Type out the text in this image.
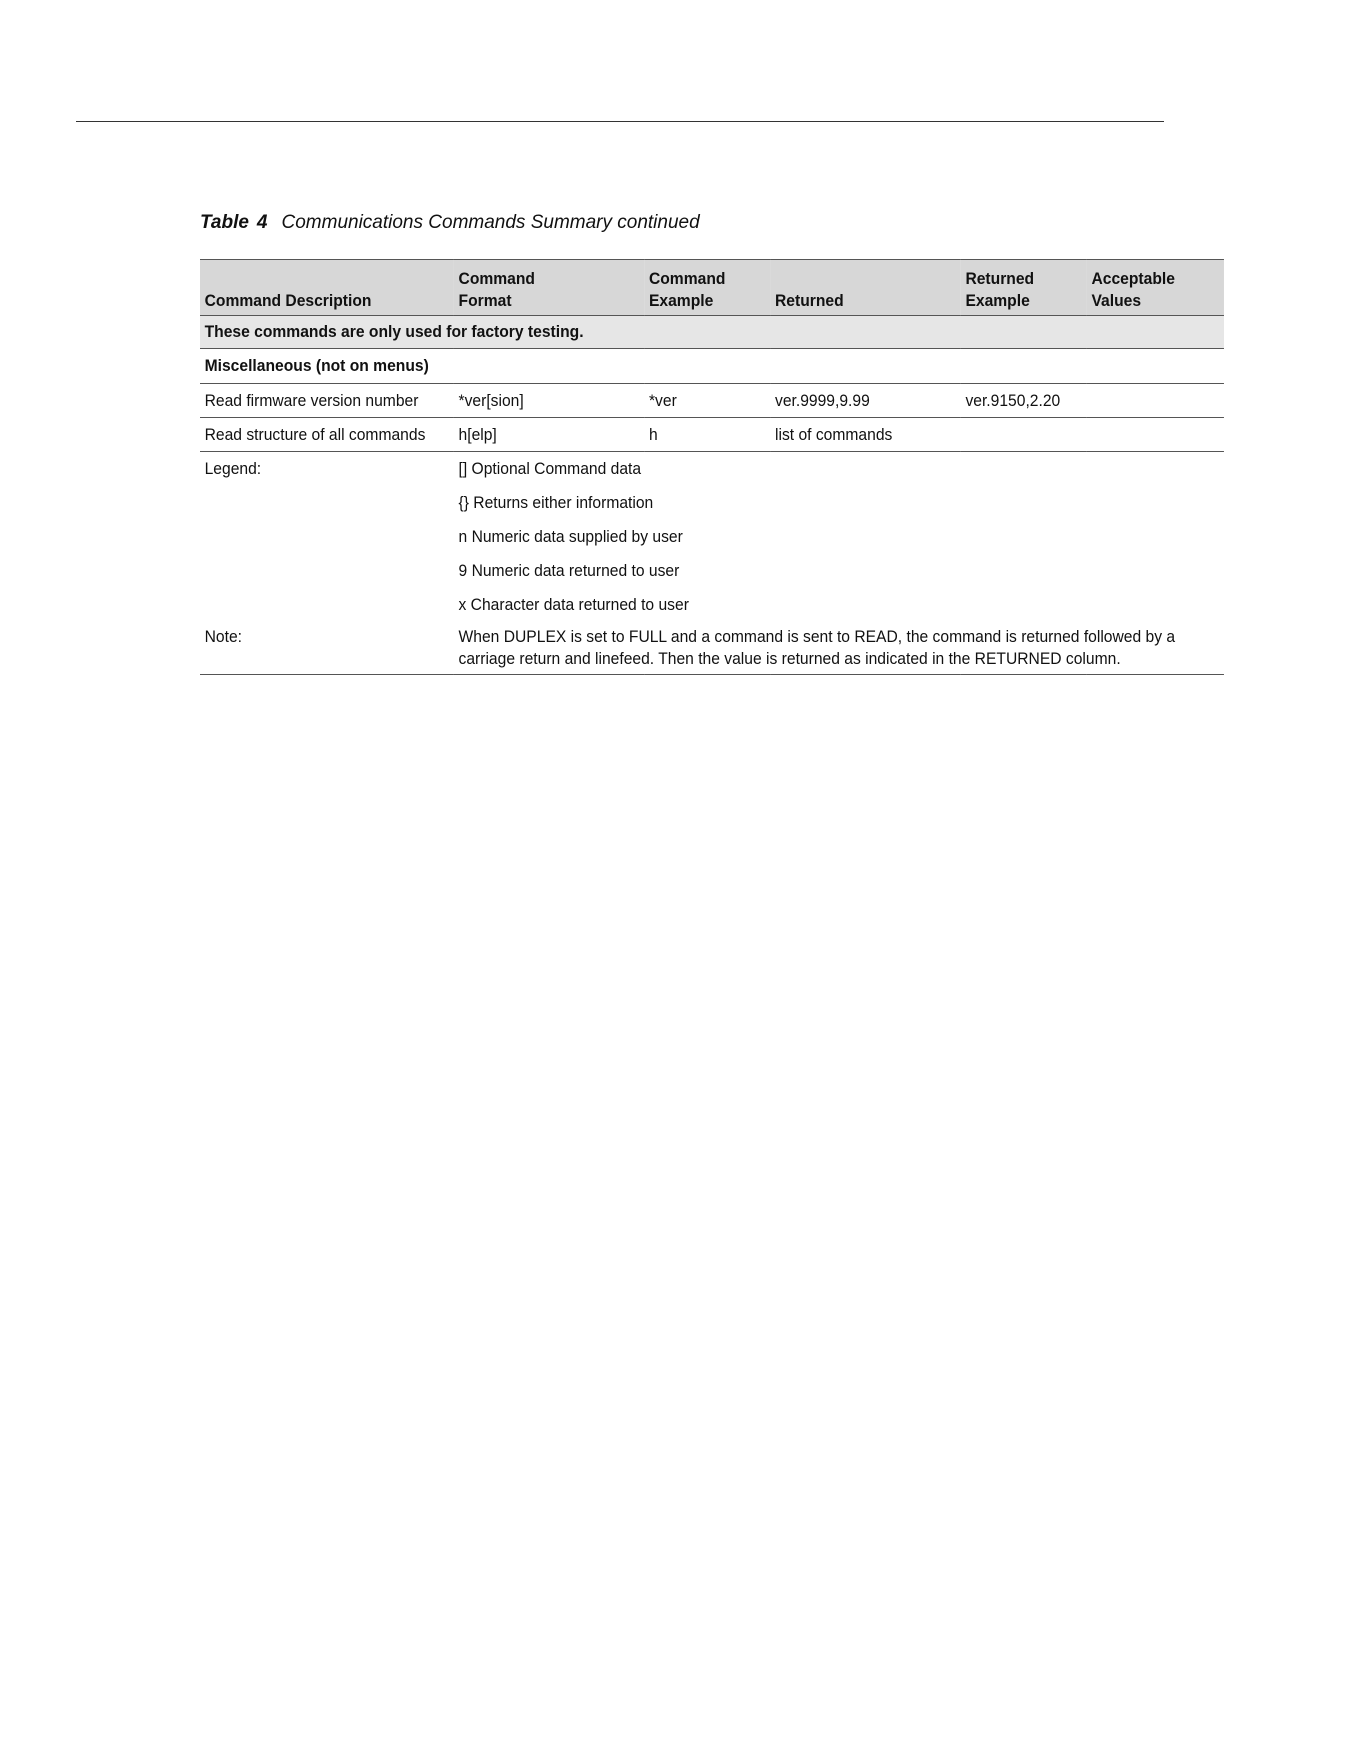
Table 4 Communications Commands Summary continued
Command Description	Command Format	Command Example	Returned	Returned Example	Acceptable Values

These commands are only used for factory testing.					
Miscellaneous (not on menus)					
Read firmware version number	*ver[sion]	*ver	ver.9999,9.99	ver.9150,2.20	
Read structure of all commands	h[elp]	h	list of commands		
Legend:	[] Optional Command data				
	{} Returns either information				
	n Numeric data supplied by user				
	9 Numeric data returned to user				
	x Character data returned to user				
Note:	When DUPLEX is set to FULL and a command is sent to READ, the command is returned followed by a
carriage return and linefeed. Then the value is returned as indicated in the RETURNED column.				
